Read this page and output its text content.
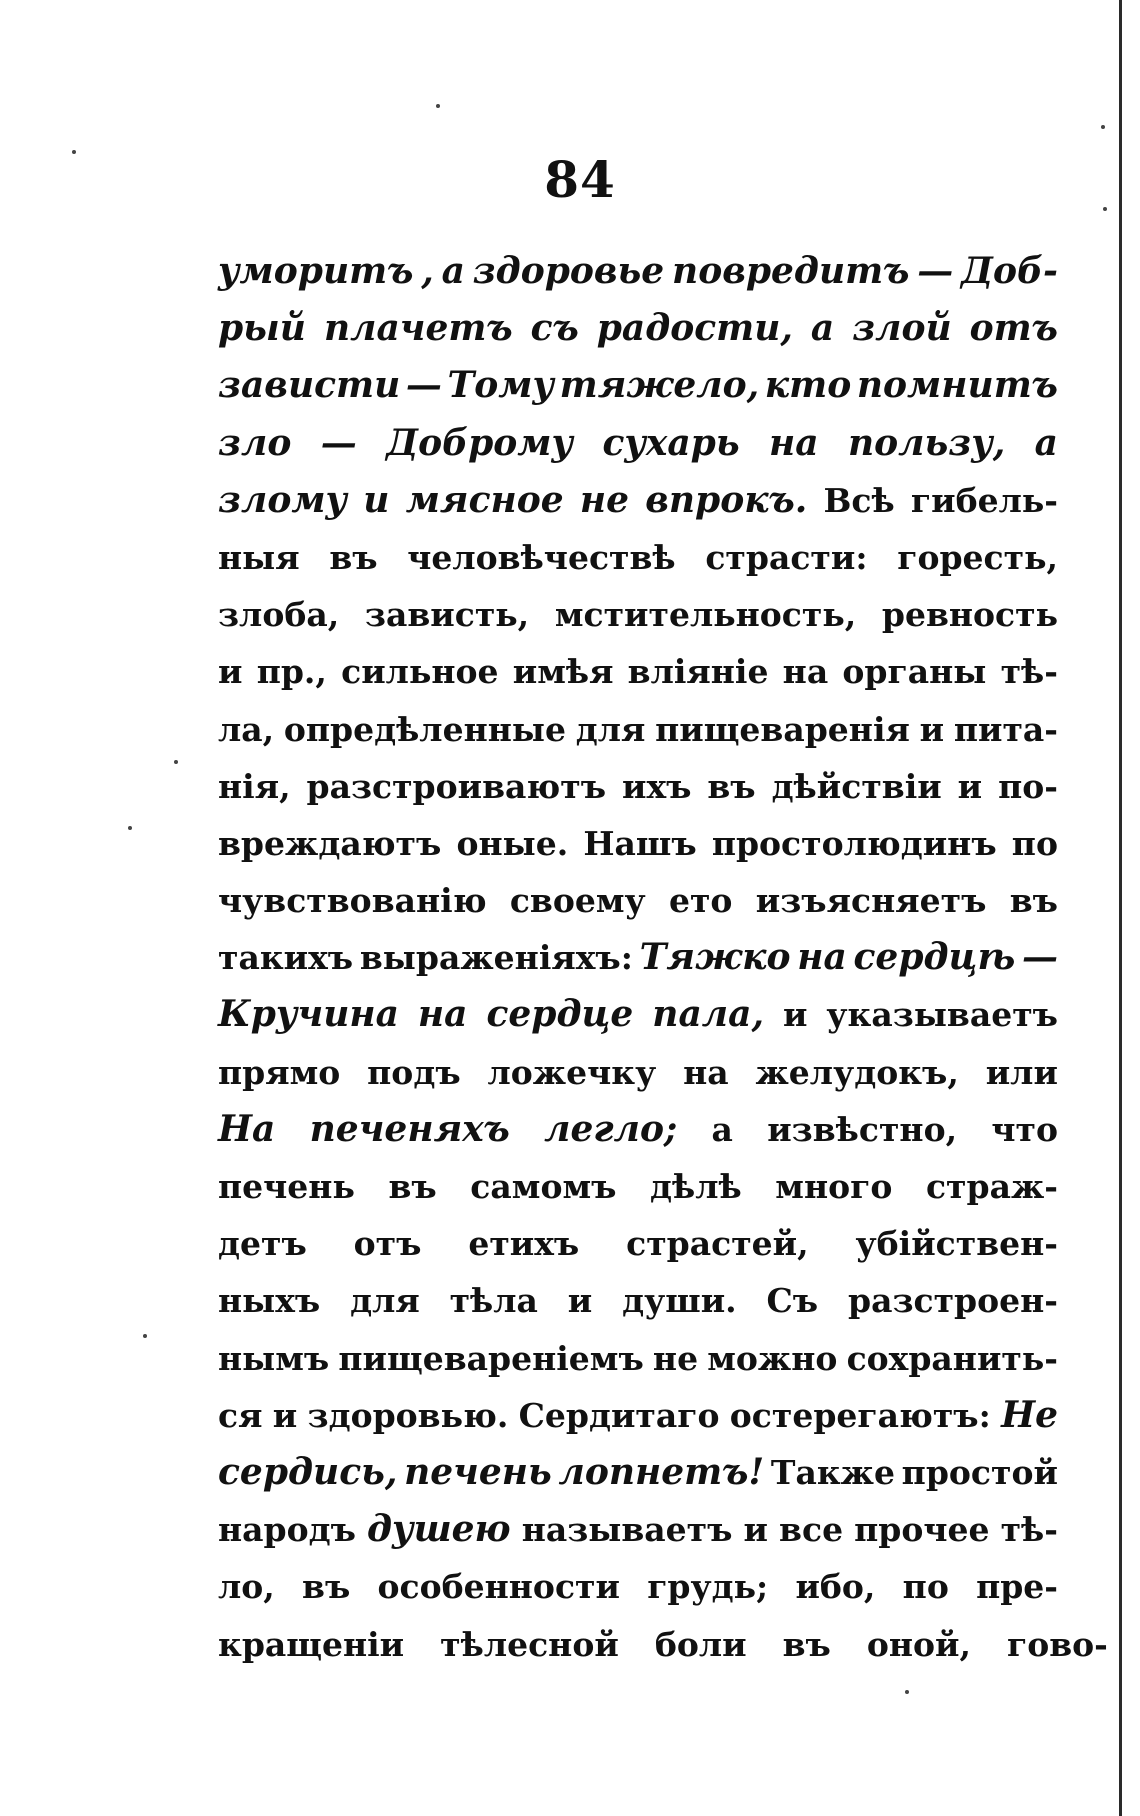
84
уморитъ , а здоровье повредитъ — Доб-
рый плачетъ съ радости, а злой отъ
зависти — Тому тяжело, кто помнитъ
зло — Доброму сухарь на пользу, а
злому и мясное не впрокъ. Всѣ гибель-
ныя въ человѣчествѣ страсти: горесть,
злоба, зависть, мстительность, ревность
и пр., сильное имѣя вліяніе на органы тѣ-
ла, опредѣленные для пищеваренія и пита-
нія, разстроиваютъ ихъ въ дѣйствіи и по-
вреждаютъ оные. Нашъ простолюдинъ по
чувствованію своему ето изъясняетъ въ
такихъ выраженіяхъ: Тяжко на сердцѣ —
Кручина на сердце пала, и указываетъ
прямо подъ ложечку на желудокъ, или
На печеняхъ легло; а извѣстно, что
печень въ самомъ дѣлѣ много страж-
детъ отъ етихъ страстей, убійствен-
ныхъ для тѣла и души. Съ разстроен-
нымъ пищевареніемъ не можно сохранить-
ся и здоровью. Сердитаго остерегаютъ: Не
сердись, печень лопнетъ! Также простой
народъ душею называетъ и все прочее тѣ-
ло, въ особенности грудь; ибо, по пре-
кращеніи тѣлесной боли въ оной, гово-
